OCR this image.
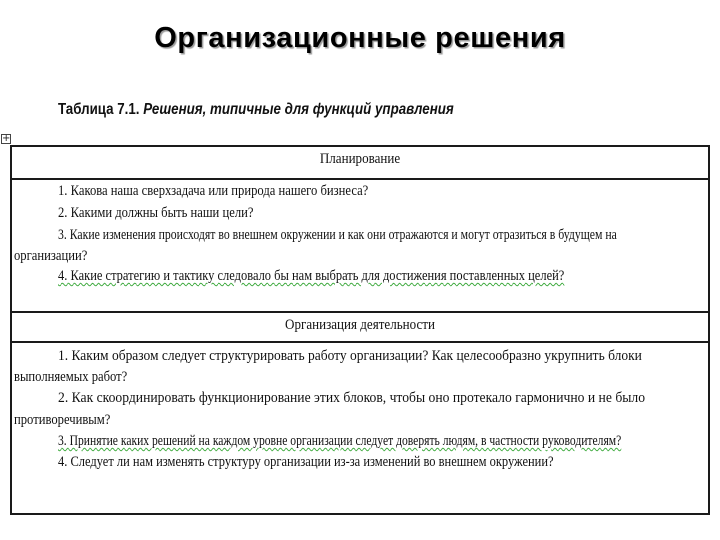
Организационные решения
Таблица 7.1. Решения, типичные для функций управления
+
Планирование
1. Какова наша сверхзадача или природа нашего бизнеса?
2. Какими должны быть наши цели?
3. Какие изменения происходят во внешнем окружении и как они отражаются и могут отразиться в будущем на
организации?
4. Какие стратегию и тактику следовало бы нам выбрать для достижения поставленных целей?
Организация деятельности
1. Каким образом следует структурировать работу организации? Как целесообразно укрупнить блоки
выполняемых работ?
2. Как скоординировать функционирование этих блоков, чтобы оно протекало гармонично и не было
противоречивым?
3. Принятие каких решений на каждом уровне организации следует доверять людям, в частности руководителям?
4. Следует ли нам изменять структуру организации из-за изменений во внешнем окружении?
